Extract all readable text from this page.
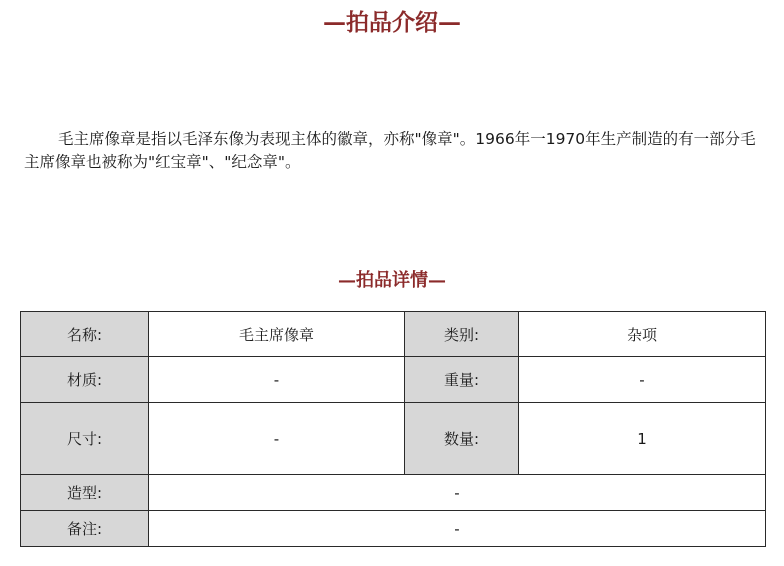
—拍品介绍—

毛主席像章是指以毛泽东像为表现主体的徽章，亦称"像章"。1966年一1970年生产制造的有一部分毛主席像章也被称为"红宝章"、"纪念章"。

—拍品详情—
名称:	毛主席像章	类别:	杂项
材质:	-	重量:	-
尺寸:	-	数量:	1
造型:	-		
备注:	-		
